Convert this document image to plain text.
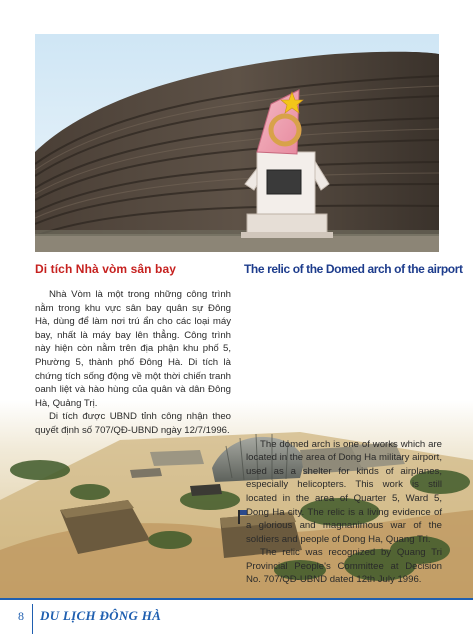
Di tích Nhà vòm sân bay	The relic of the Domed arch of the airport

Nhà Vòm là một trong những công trình nằm trong khu vực sân bay quân sự Đông Hà, dùng để làm nơi trú ẩn cho các loại máy bay, nhất là máy bay lên thẳng. Công trình này hiện còn nằm trên địa phận khu phố 5, Phường 5, thành phố Đông Hà. Di tích là chứng tích sống động về một thời chiến tranh oanh liệt và hào hùng của quân và dân Đông Hà, Quảng Trị.

Di tích được UBND tỉnh công nhận theo quyết định số 707/QĐ-UBND ngày 12/7/1996.

The domed arch is one of works which are located in the area of Dong Ha military airport, used as a shelter for kinds of airplanes, especially helicopters. This work is still located in the area of Quarter 5, Ward 5, Dong Ha city. The relic is a living evidence of a glorious and magnanimous war of the soldiers and people of Dong Ha, Quang Tri.

The relic was recognized by Quang Tri Provincial People's Committee at Decision No. 707/QĐ-UBND dated 12th July 1996.

8 DU LỊCH ĐÔNG HÀ
